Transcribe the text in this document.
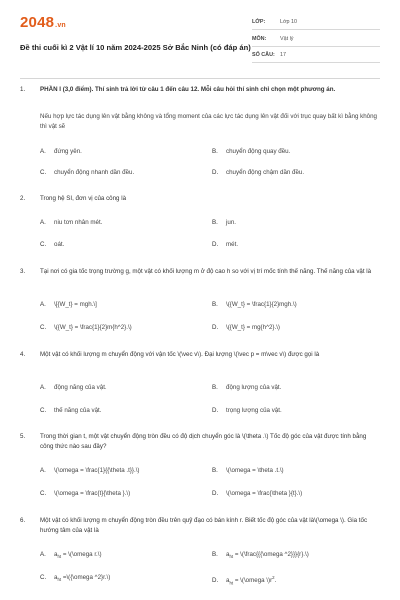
2048.vn
Đề thi cuối kì 2 Vật lí 10 năm 2024-2025 Sở Bắc Ninh (có đáp án)
LỚP:	Lớp 10
MÔN:	Vật lý
SỐ CÂU: 17
1.	PHẦN I (3,0 điểm). Thí sinh trả lời từ câu 1 đến câu 12. Mỗi câu hỏi thí sinh chỉ chọn một phương án.
Nếu hợp lực tác dụng lên vật bằng không và tổng moment của các lực tác dụng lên vật đối với trục quay bất kì bằng không thì vật sẽ
A. đứng yên.	B. chuyển động quay đều.
C. chuyển động nhanh dần đều.	D. chuyển động chậm dần đều.
2.	Trong hệ SI, đơn vị của công là
A. niu tơn nhân mét.	B. jun.
C. oát.	D. mét.
3.	Tại nơi có gia tốc trọng trường g, một vật có khối lượng m ở độ cao h so với vị trí mốc tính thế năng. Thế năng của vật là
A. \[{W_t} = mgh.\]	B. \({W_t} = \frac{1}{2}mgh.\)
C. \({W_t} = \frac{1}{2}m{h^2}.\)	D. \({W_t} = mg{h^2}.\)
4.	Một vật có khối lượng m chuyển động với vận tốc \(\vec v\). Đại lượng \(\vec p = m\vec v\) được gọi là
A. động năng của vật.	B. động lượng của vật.
C. thế năng của vật.	D. trọng lượng của vật.
5.	Trong thời gian t, một vật chuyển động tròn đều có độ dịch chuyển góc là \(\theta .\) Tốc độ góc của vật được tính bằng công thức nào sau đây?
A. \(\omega = \frac{1}{{\theta .t}}.\)	B. \(\omega = \theta .t.\)
C. \(\omega = \frac{t}{\theta }.\)	D. \(\omega = \frac{\theta }{t}.\)
6.	Một vật có khối lượng m chuyển động tròn đều trên quỹ đạo có bán kính r. Biết tốc độ góc của vật là\(\omega \). Gia tốc hướng tâm của vật là
A. $a_{ht}$ = \(\omega r.\)	B. $a_{ht}$ = \(\frac{{{\omega ^2}}}{r}.\)
C. $a_{ht}$ =\({\omega ^2}r.\)	D. $a_{ht}$ = \(\omega $\backslash)r^2$.
